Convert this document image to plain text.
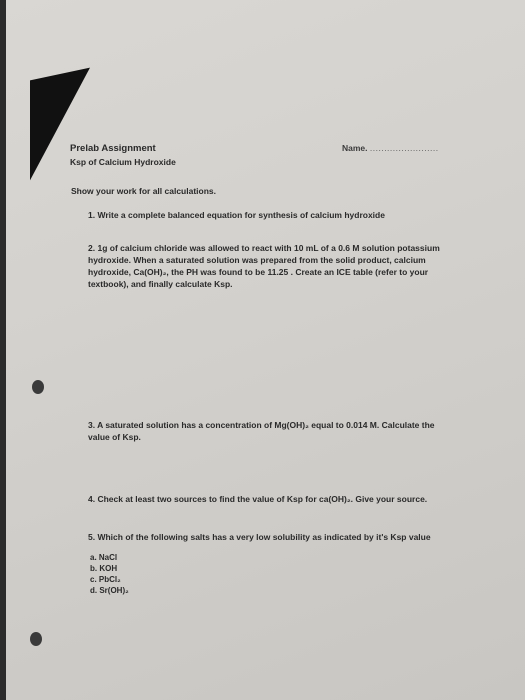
Prelab Assignment
Ksp of Calcium Hydroxide
Name. ........................
Show your work for all calculations.
1. Write a complete balanced equation for synthesis of calcium hydroxide
2. 1g of calcium chloride was allowed to react with 10 mL of a 0.6 M solution potassium hydroxide. When a saturated solution was prepared from the solid product, calcium hydroxide, Ca(OH)₂, the PH was found to be 11.25 . Create an ICE table (refer to your textbook), and finally calculate Ksp.
3. A saturated solution has a concentration of Mg(OH)₂ equal to 0.014 M. Calculate the value of Ksp.
4. Check at least two sources to find the value of Ksp for ca(OH)₂. Give your source.
5. Which of the following salts has a very low solubility as indicated by it's Ksp value
a. NaCl
b. KOH
c. PbCl₂
d. Sr(OH)₂
